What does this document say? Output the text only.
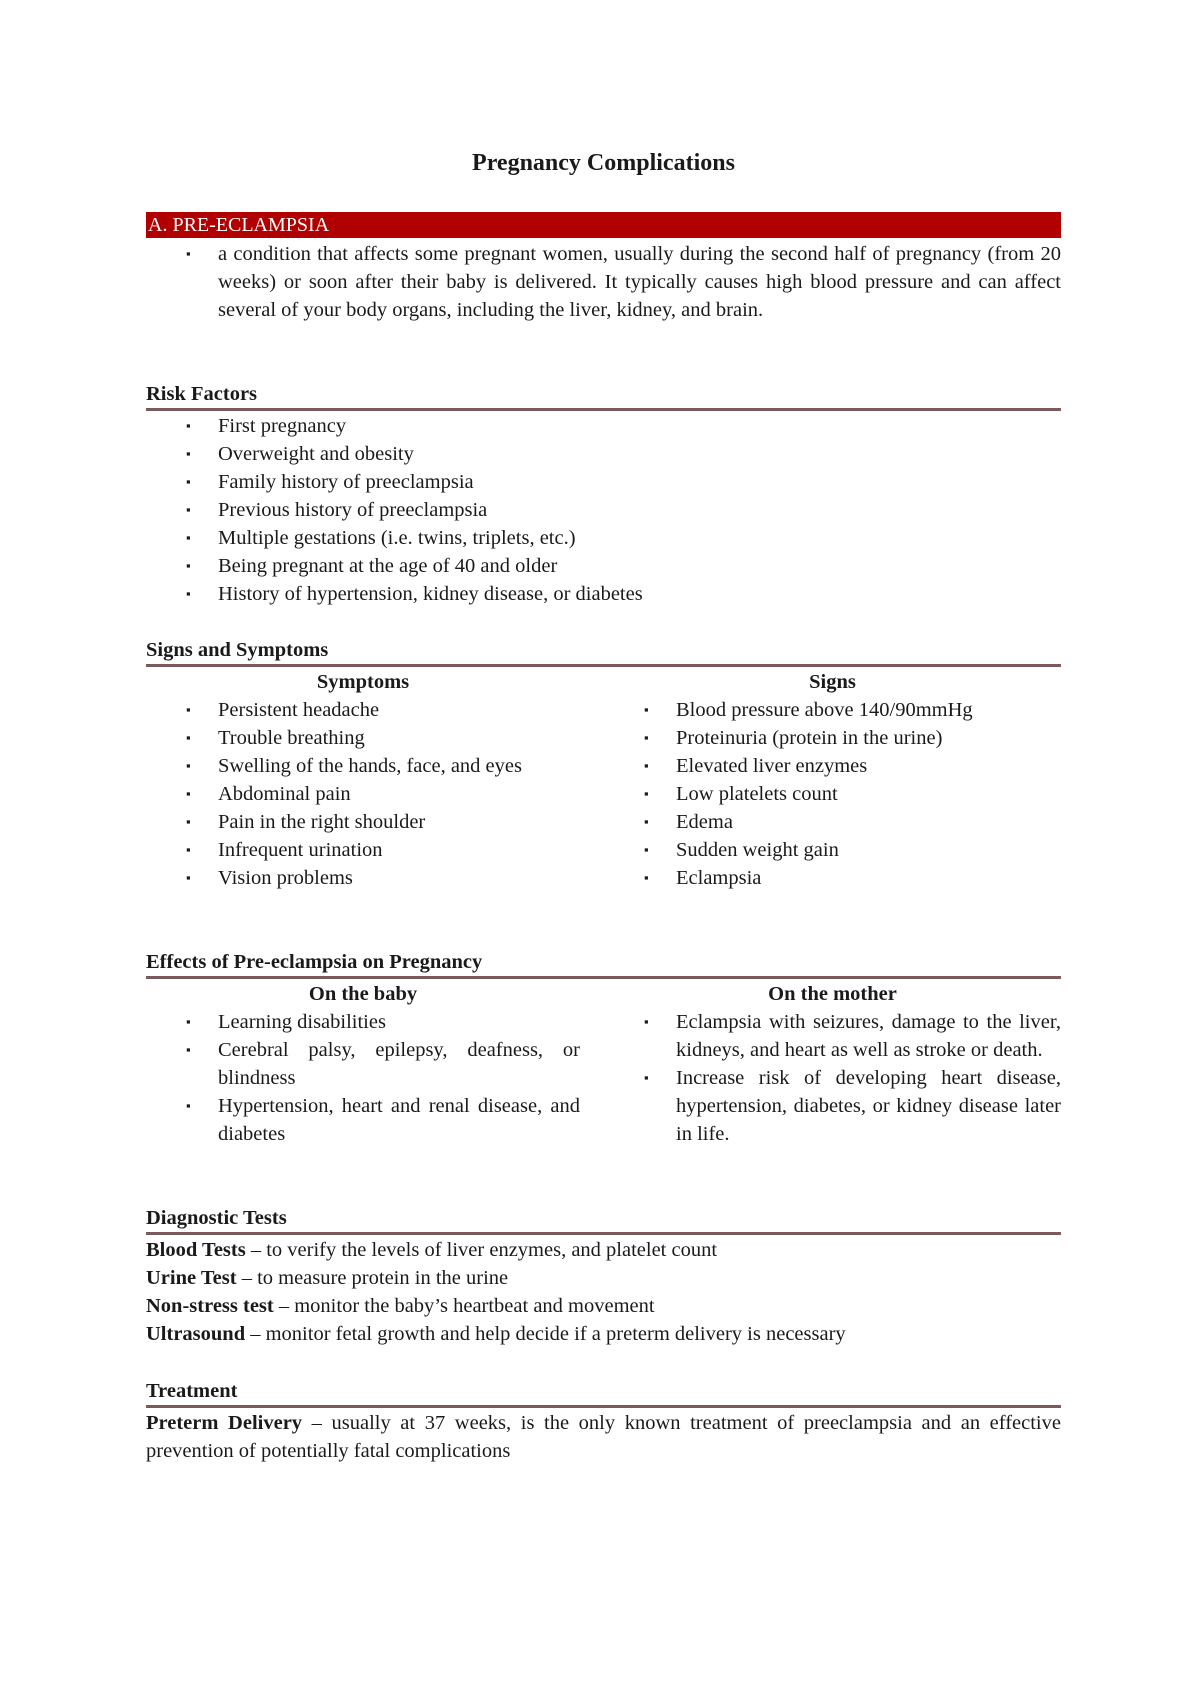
Pregnancy Complications
A. PRE-ECLAMPSIA
▪ a condition that affects some pregnant women, usually during the second half of pregnancy (from 20 weeks) or soon after their baby is delivered. It typically causes high blood pressure and can affect several of your body organs, including the liver, kidney, and brain.
Risk Factors
▪ First pregnancy
▪ Overweight and obesity
▪ Family history of preeclampsia
▪ Previous history of preeclampsia
▪ Multiple gestations (i.e. twins, triplets, etc.)
▪ Being pregnant at the age of 40 and older
▪ History of hypertension, kidney disease, or diabetes
Signs and Symptoms
Symptoms
▪ Persistent headache
▪ Trouble breathing
▪ Swelling of the hands, face, and eyes
▪ Abdominal pain
▪ Pain in the right shoulder
▪ Infrequent urination
▪ Vision problems
Signs
▪ Blood pressure above 140/90mmHg
▪ Proteinuria (protein in the urine)
▪ Elevated liver enzymes
▪ Low platelets count
▪ Edema
▪ Sudden weight gain
▪ Eclampsia
Effects of Pre-eclampsia on Pregnancy
On the baby
▪ Learning disabilities
▪ Cerebral palsy, epilepsy, deafness, or blindness
▪ Hypertension, heart and renal disease, and diabetes
On the mother
▪ Eclampsia with seizures, damage to the liver, kidneys, and heart as well as stroke or death.
▪ Increase risk of developing heart disease, hypertension, diabetes, or kidney disease later in life.
Diagnostic Tests
Blood Tests – to verify the levels of liver enzymes, and platelet count
Urine Test – to measure protein in the urine
Non-stress test – monitor the baby’s heartbeat and movement
Ultrasound – monitor fetal growth and help decide if a preterm delivery is necessary
Treatment
Preterm Delivery – usually at 37 weeks, is the only known treatment of preeclampsia and an effective prevention of potentially fatal complications
